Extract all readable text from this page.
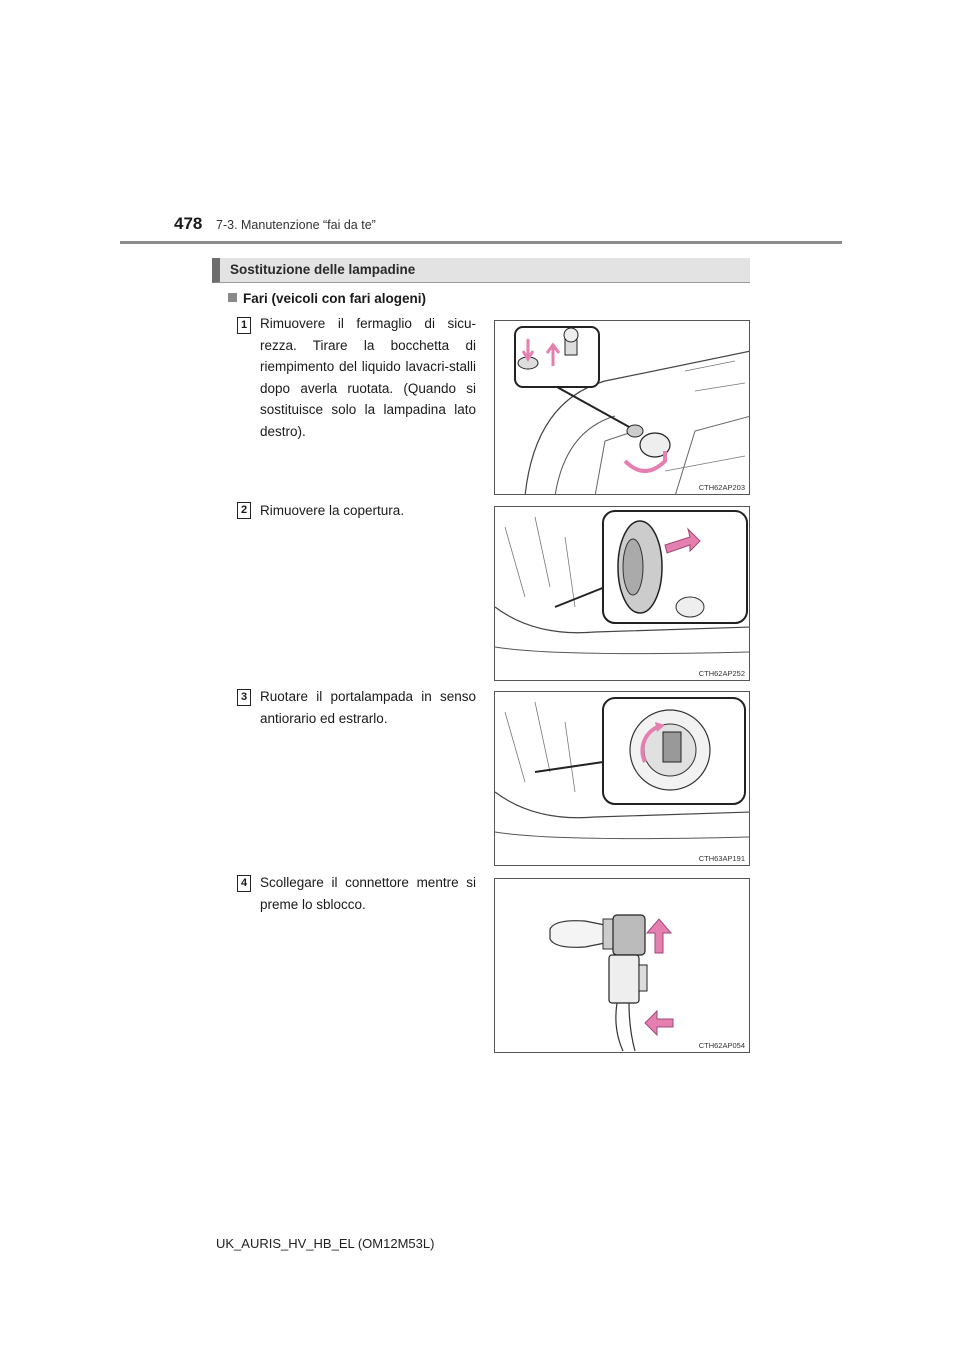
478 7-3. Manutenzione “fai da te”
Sostituzione delle lampadine
Fari (veicoli con fari alogeni)
1 Rimuovere il fermaglio di sicu-rezza. Tirare la bocchetta di riempimento del liquido lavacri-stalli dopo averla ruotata. (Quando si sostituisce solo la lampadina lato destro).
CTH62AP203
2 Rimuovere la copertura.
CTH62AP252
3 Ruotare il portalampada in senso antiorario ed estrarlo.
CTH63AP191
4 Scollegare il connettore mentre si preme lo sblocco.
CTH62AP054
UK_AURIS_HV_HB_EL (OM12M53L)
